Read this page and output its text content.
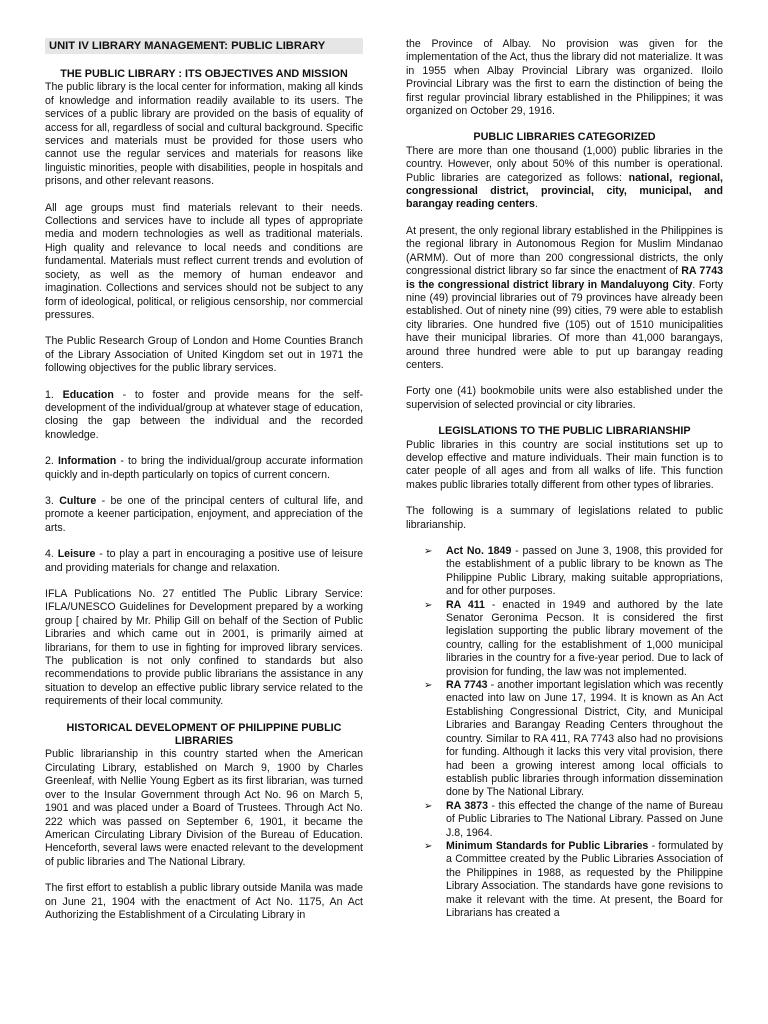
UNIT IV LIBRARY MANAGEMENT: PUBLIC LIBRARY
THE PUBLIC LIBRARY : ITS OBJECTIVES AND MISSION

The public library is the local center for information, making all kinds of knowledge and information readily available to its users. The services of a public library are provided on the basis of equality of access for all, regardless of social and cultural background. Specific services and materials must be provided for those users who cannot use the regular services and materials for reasons like linguistic minorities, people with disabilities, people in hospitals and prisons, and other relevant reasons.

All age groups must find materials relevant to their needs. Collections and services have to include all types of appropriate media and modern technologies as well as traditional materials. High quality and relevance to local needs and conditions are fundamental. Materials must reflect current trends and evolution of society, as well as the memory of human endeavor and imagination. Collections and services should not be subject to any form of ideological, political, or religious censorship, nor commercial pressures.

The Public Research Group of London and Home Counties Branch of the Library Association of United Kingdom set out in 1971 the following objectives for the public library services.

1. Education - to foster and provide means for the self-development of the individual/group at whatever stage of education, closing the gap between the individual and the recorded knowledge.

2. Information - to bring the individual/group accurate information quickly and in-depth particularly on topics of current concern.

3. Culture - be one of the principal centers of cultural life, and promote a keener participation, enjoyment, and appreciation of the arts.

4. Leisure - to play a part in encouraging a positive use of leisure and providing materials for change and relaxation.

IFLA Publications No. 27 entitled The Public Library Service: IFLA/UNESCO Guidelines for Development prepared by a working group [ chaired by Mr. Philip Gill on behalf of the Section of Public Libraries and which came out in 2001, is primarily aimed at librarians, for them to use in fighting for improved library services. The publication is not only confined to standards but also recommendations to provide public librarians the assistance in any situation to develop an effective public library service related to the requirements of their local community.

HISTORICAL DEVELOPMENT OF PHILIPPINE PUBLIC LIBRARIES

Public librarianship in this country started when the American Circulating Library, established on March 9, 1900 by Charles Greenleaf, with Nellie Young Egbert as its first librarian, was turned over to the Insular Government through Act No. 96 on March 5, 1901 and was placed under a Board of Trustees. Through Act No. 222 which was passed on September 6, 1901, it became the American Circulating Library Division of the Bureau of Education. Henceforth, several laws were enacted relevant to the development of public libraries and The National Library.

The first effort to establish a public library outside Manila was made on June 21, 1904 with the enactment of Act No. 1175, An Act Authorizing the Establishment of a Circulating Library in

the Province of Albay. No provision was given for the implementation of the Act, thus the library did not materialize. It was in 1955 when Albay Provincial Library was organized. Iloilo Provincial Library was the first to earn the distinction of being the first regular provincial library established in the Philippines; it was organized on October 29, 1916.

PUBLIC LIBRARIES CATEGORIZED

There are more than one thousand (1,000) public libraries in the country. However, only about 50% of this number is operational. Public libraries are categorized as follows: national, regional, congressional district, provincial, city, municipal, and barangay reading centers.

At present, the only regional library established in the Philippines is the regional library in Autonomous Region for Muslim Mindanao (ARMM). Out of more than 200 congressional districts, the only congressional district library so far since the enactment of RA 7743 is the congressional district library in Mandaluyong City. Forty nine (49) provincial libraries out of 79 provinces have already been established. Out of ninety nine (99) cities, 79 were able to establish city libraries. One hundred five (105) out of 1510 municipalities have their municipal libraries. Of more than 41,000 barangays, around three hundred were able to put up barangay reading centers.

Forty one (41) bookmobile units were also established under the supervision of selected provincial or city libraries.

LEGISLATIONS TO THE PUBLIC LIBRARIANSHIP

Public libraries in this country are social institutions set up to develop effective and mature individuals. Their main function is to cater people of all ages and from all walks of life. This function makes public libraries totally different from other types of libraries.

The following is a summary of legislations related to public librarianship.

➢ Act No. 1849 - passed on June 3, 1908, this provided for the establishment of a public library to be known as The Philippine Public Library, making suitable appropriations, and for other purposes.
➢ RA 411 - enacted in 1949 and authored by the late Senator Geronima Pecson. It is considered the first legislation supporting the public library movement of the country, calling for the establishment of 1,000 municipal libraries in the country for a five-year period. Due to lack of provision for funding, the law was not implemented.
➢ RA 7743 - another important legislation which was recently enacted into law on June 17, 1994. It is known as An Act Establishing Congressional District, City, and Municipal Libraries and Barangay Reading Centers throughout the country. Similar to RA 411, RA 7743 also had no provisions for funding. Although it lacks this very vital provision, there had been a growing interest among local officials to establish public libraries through information dissemination done by The National Library.
➢ RA 3873 - this effected the change of the name of Bureau of Public Libraries to The National Library. Passed on June J.8, 1964.
➢ Minimum Standards for Public Libraries - formulated by a Committee created by the Public Libraries Association of the Philippines in 1988, as requested by the Philippine Library Association. The standards have gone revisions to make it relevant with the time. At present, the Board for Librarians has created a
